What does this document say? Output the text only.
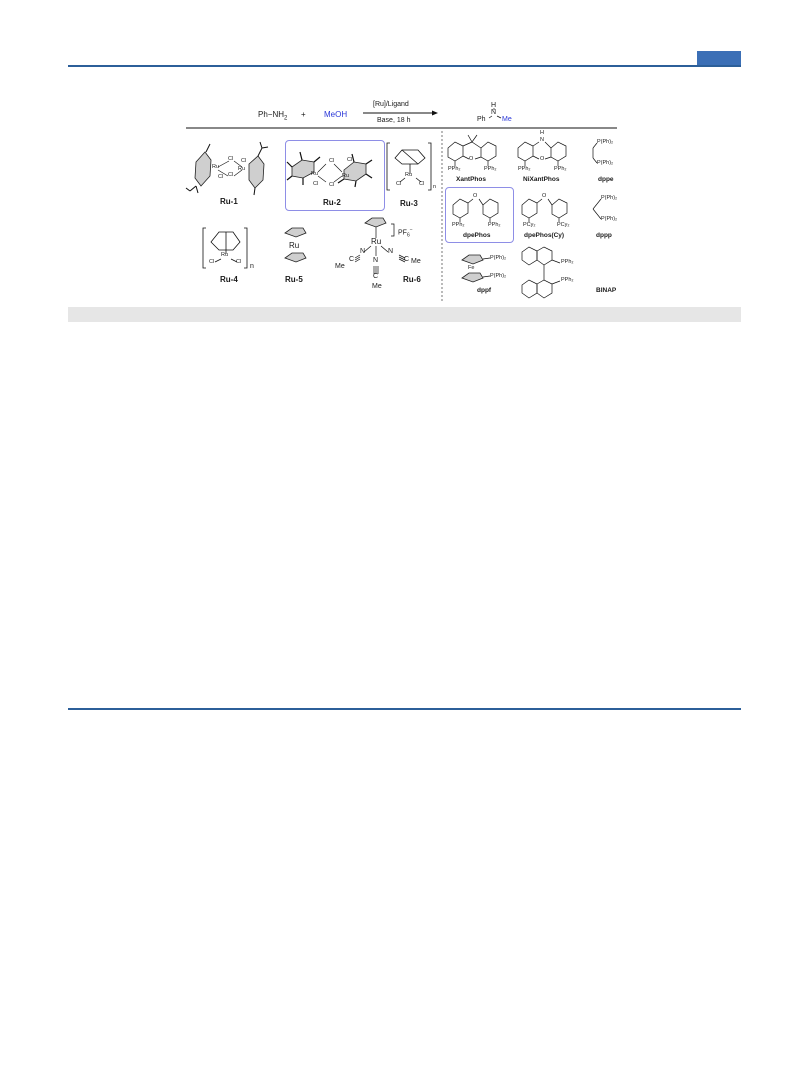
$Ph-NH_2$ + MeOH
[Ru]/Ligand
Base, 18 h
H
N
Ph Me
Ru	Ru
Cl Cl
Cl Cl
Ru-1
Ru	Ru
Cl Cl
Cl Cl
Ru-2
Ru
Cl	Cl n
Ru-3
Ru
Cl	Cl
n
Ru-4
Ru
Ru-5
Ru
N	N
N
C	C
C
Me
Me
Me
$PF_6^-$
Ru-6
O
PPh₂	PPh₂
XantPhos
H
N
O
PPh₂	PPh₂
NiXantPhos
P(Ph)₂
P(Ph)₂
dppe
O
PPh₂	PPh₂
dpePhos
O
PCy₂	PCy₂
dpePhos(Cy)
P(Ph)₂
P(Ph)₂
dppp
Fe
P(Ph)₂
P(Ph)₂
dppf
PPh₂
PPh₂
BINAP
